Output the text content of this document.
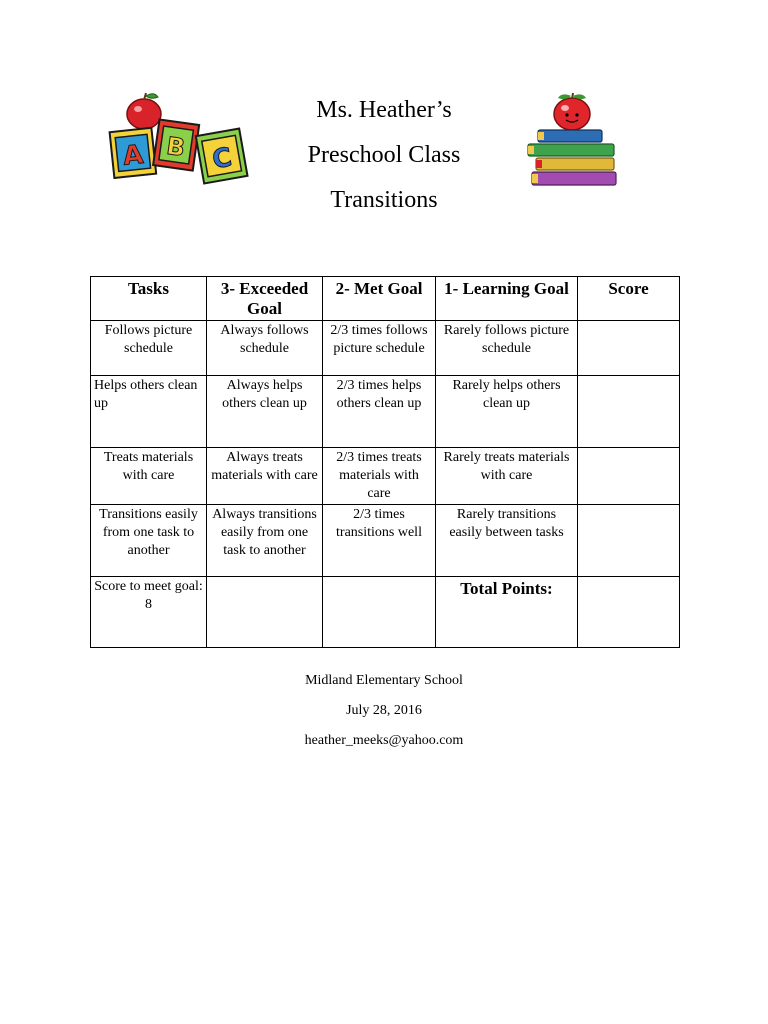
A B C
Ms. Heather’s
Preschool Class
Transitions
Tasks	3- Exceeded Goal	2- Met Goal	1- Learning Goal	Score
Follows picture schedule	Always follows schedule	2/3 times follows picture schedule	Rarely follows picture schedule	
Helps others clean up	Always helps others clean up	2/3 times helps others clean up	Rarely helps others clean up	
Treats materials with care	Always treats materials with care	2/3 times treats materials with care	Rarely treats materials with care	
Transitions easily from one task to another	Always transitions easily from one task to another	2/3 times transitions well	Rarely transitions easily between tasks	
Score to meet goal: 8			Total Points:	
Midland Elementary School
July 28, 2016
heather_meeks@yahoo.com
